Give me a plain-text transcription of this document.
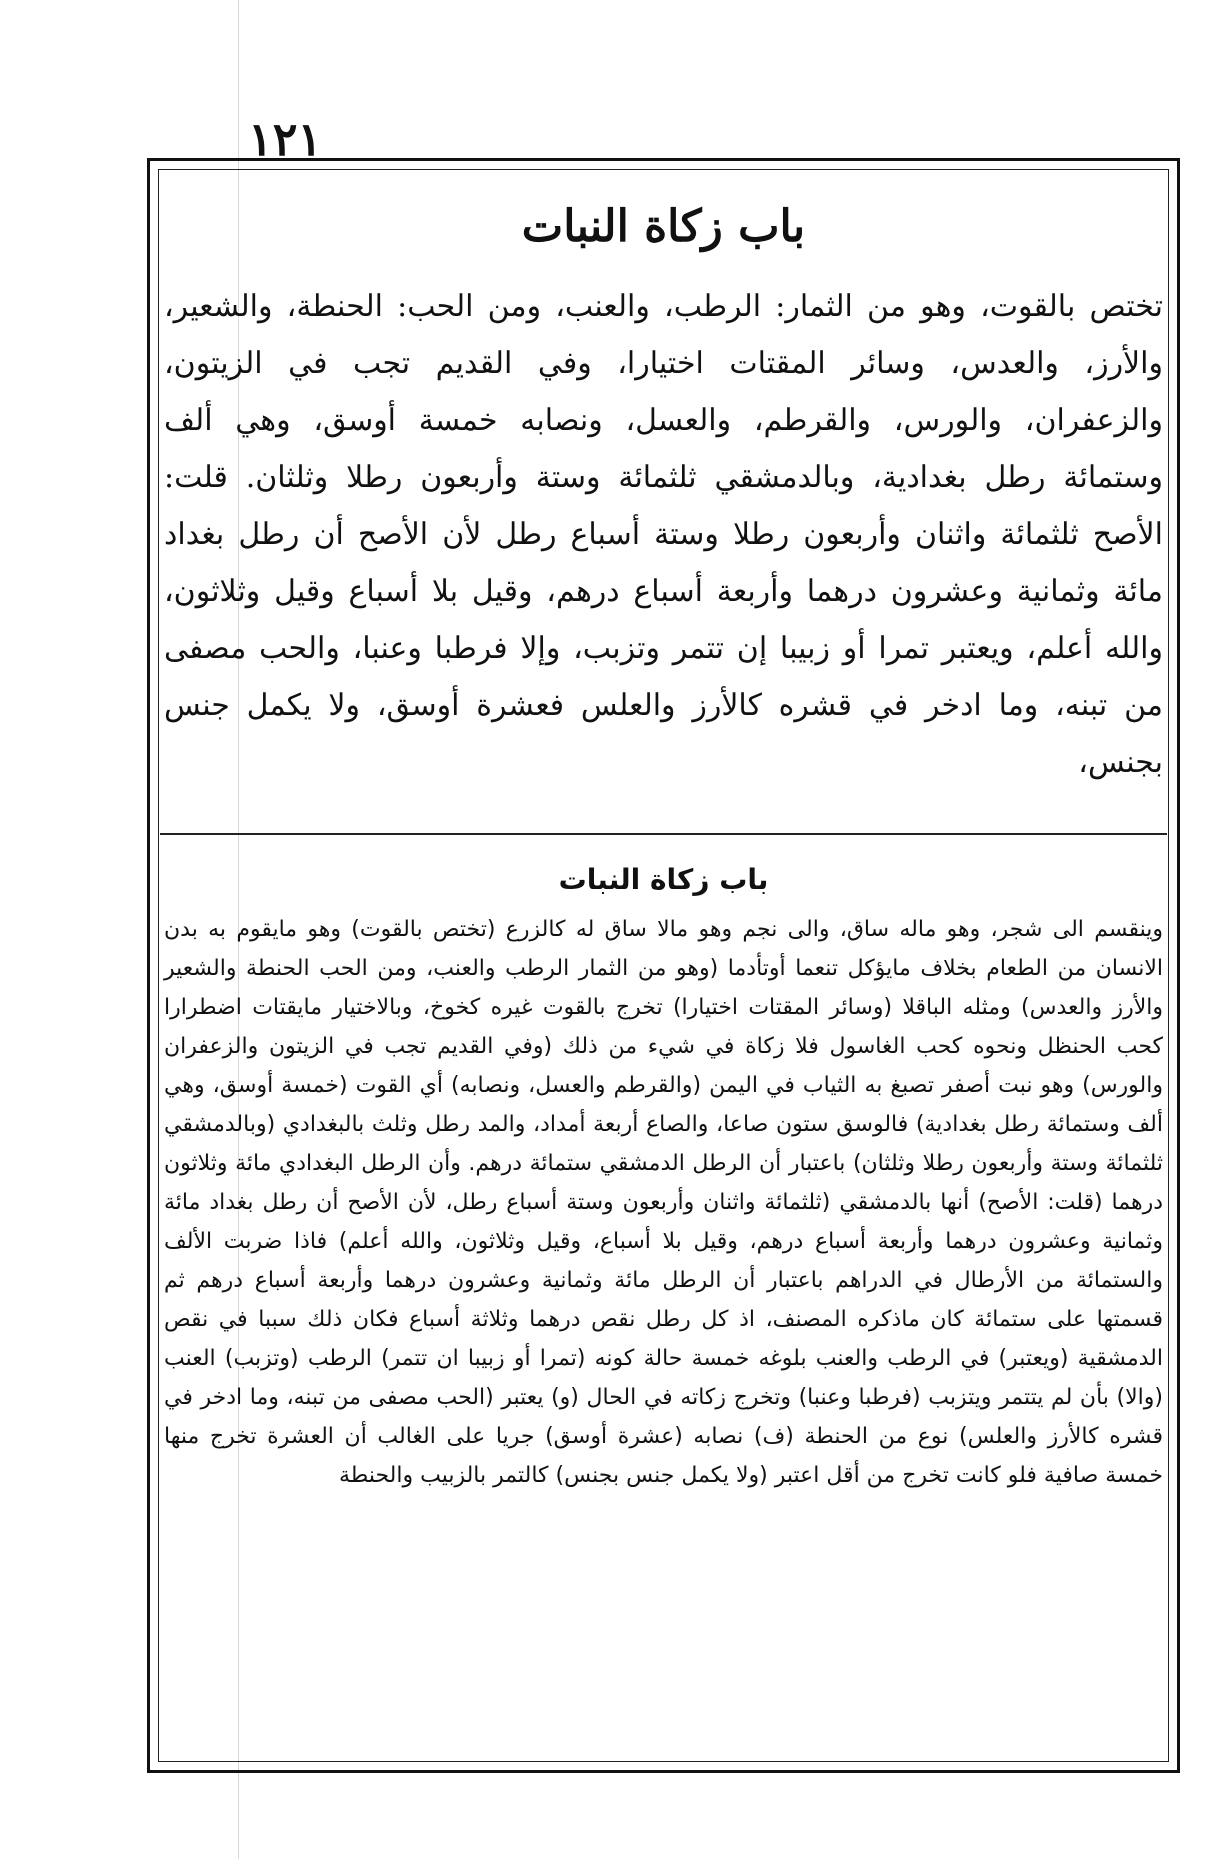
١٢١
باب زكاة النبات
تختص بالقوت، وهو من الثمار: الرطب، والعنب، ومن الحب: الحنطة، والشعير، والأرز، والعدس، وسائر المقتات اختيارا، وفي القديم تجب في الزيتون، والزعفران، والورس، والقرطم، والعسل، ونصابه خمسة أوسق، وهي ألف وستمائة رطل بغدادية، وبالدمشقي ثلثمائة وستة وأربعون رطلا وثلثان. قلت: الأصح ثلثمائة واثنان وأربعون رطلا وستة أسباع رطل لأن الأصح أن رطل بغداد مائة وثمانية وعشرون درهما وأربعة أسباع درهم، وقيل بلا أسباع وقيل وثلاثون، والله أعلم، ويعتبر تمرا أو زبيبا إن تتمر وتزبب، وإلا فرطبا وعنبا، والحب مصفى من تبنه، وما ادخر في قشره كالأرز والعلس فعشرة أوسق، ولا يكمل جنس بجنس،
باب زكاة النبات
وينقسم الى شجر، وهو ماله ساق، والى نجم وهو مالا ساق له كالزرع (تختص بالقوت) وهو مايقوم به بدن الانسان من الطعام بخلاف مايؤكل تنعما أوتأدما (وهو من الثمار الرطب والعنب، ومن الحب الحنطة والشعير والأرز والعدس) ومثله الباقلا (وسائر المقتات اختيارا) تخرج بالقوت غيره كخوخ، وبالاختيار مايقتات اضطرارا كحب الحنظل ونحوه كحب الغاسول فلا زكاة في شيء من ذلك (وفي القديم تجب في الزيتون والزعفران والورس) وهو نبت أصفر تصبغ به الثياب في اليمن (والقرطم والعسل، ونصابه) أي القوت (خمسة أوسق، وهي ألف وستمائة رطل بغدادية) فالوسق ستون صاعا، والصاع أربعة أمداد، والمد رطل وثلث بالبغدادي (وبالدمشقي ثلثمائة وستة وأربعون رطلا وثلثان) باعتبار أن الرطل الدمشقي ستمائة درهم. وأن الرطل البغدادي مائة وثلاثون درهما (قلت: الأصح) أنها بالدمشقي (ثلثمائة واثنان وأربعون وستة أسباع رطل، لأن الأصح أن رطل بغداد مائة وثمانية وعشرون درهما وأربعة أسباع درهم، وقيل بلا أسباع، وقيل وثلاثون، والله أعلم) فاذا ضربت الألف والستمائة من الأرطال في الدراهم باعتبار أن الرطل مائة وثمانية وعشرون درهما وأربعة أسباع درهم ثم قسمتها على ستمائة كان ماذكره المصنف، اذ كل رطل نقص درهما وثلاثة أسباع فكان ذلك سببا في نقص الدمشقية (ويعتبر) في الرطب والعنب بلوغه خمسة حالة كونه (تمرا أو زبيبا ان تتمر) الرطب (وتزبب) العنب (والا) بأن لم يتتمر ويتزبب (فرطبا وعنبا) وتخرج زكاته في الحال (و) يعتبر (الحب مصفى من تبنه، وما ادخر في قشره كالأرز والعلس) نوع من الحنطة (ف) نصابه (عشرة أوسق) جريا على الغالب أن العشرة تخرج منها خمسة صافية فلو كانت تخرج من أقل اعتبر (ولا يكمل جنس بجنس) كالتمر بالزبيب والحنطة
